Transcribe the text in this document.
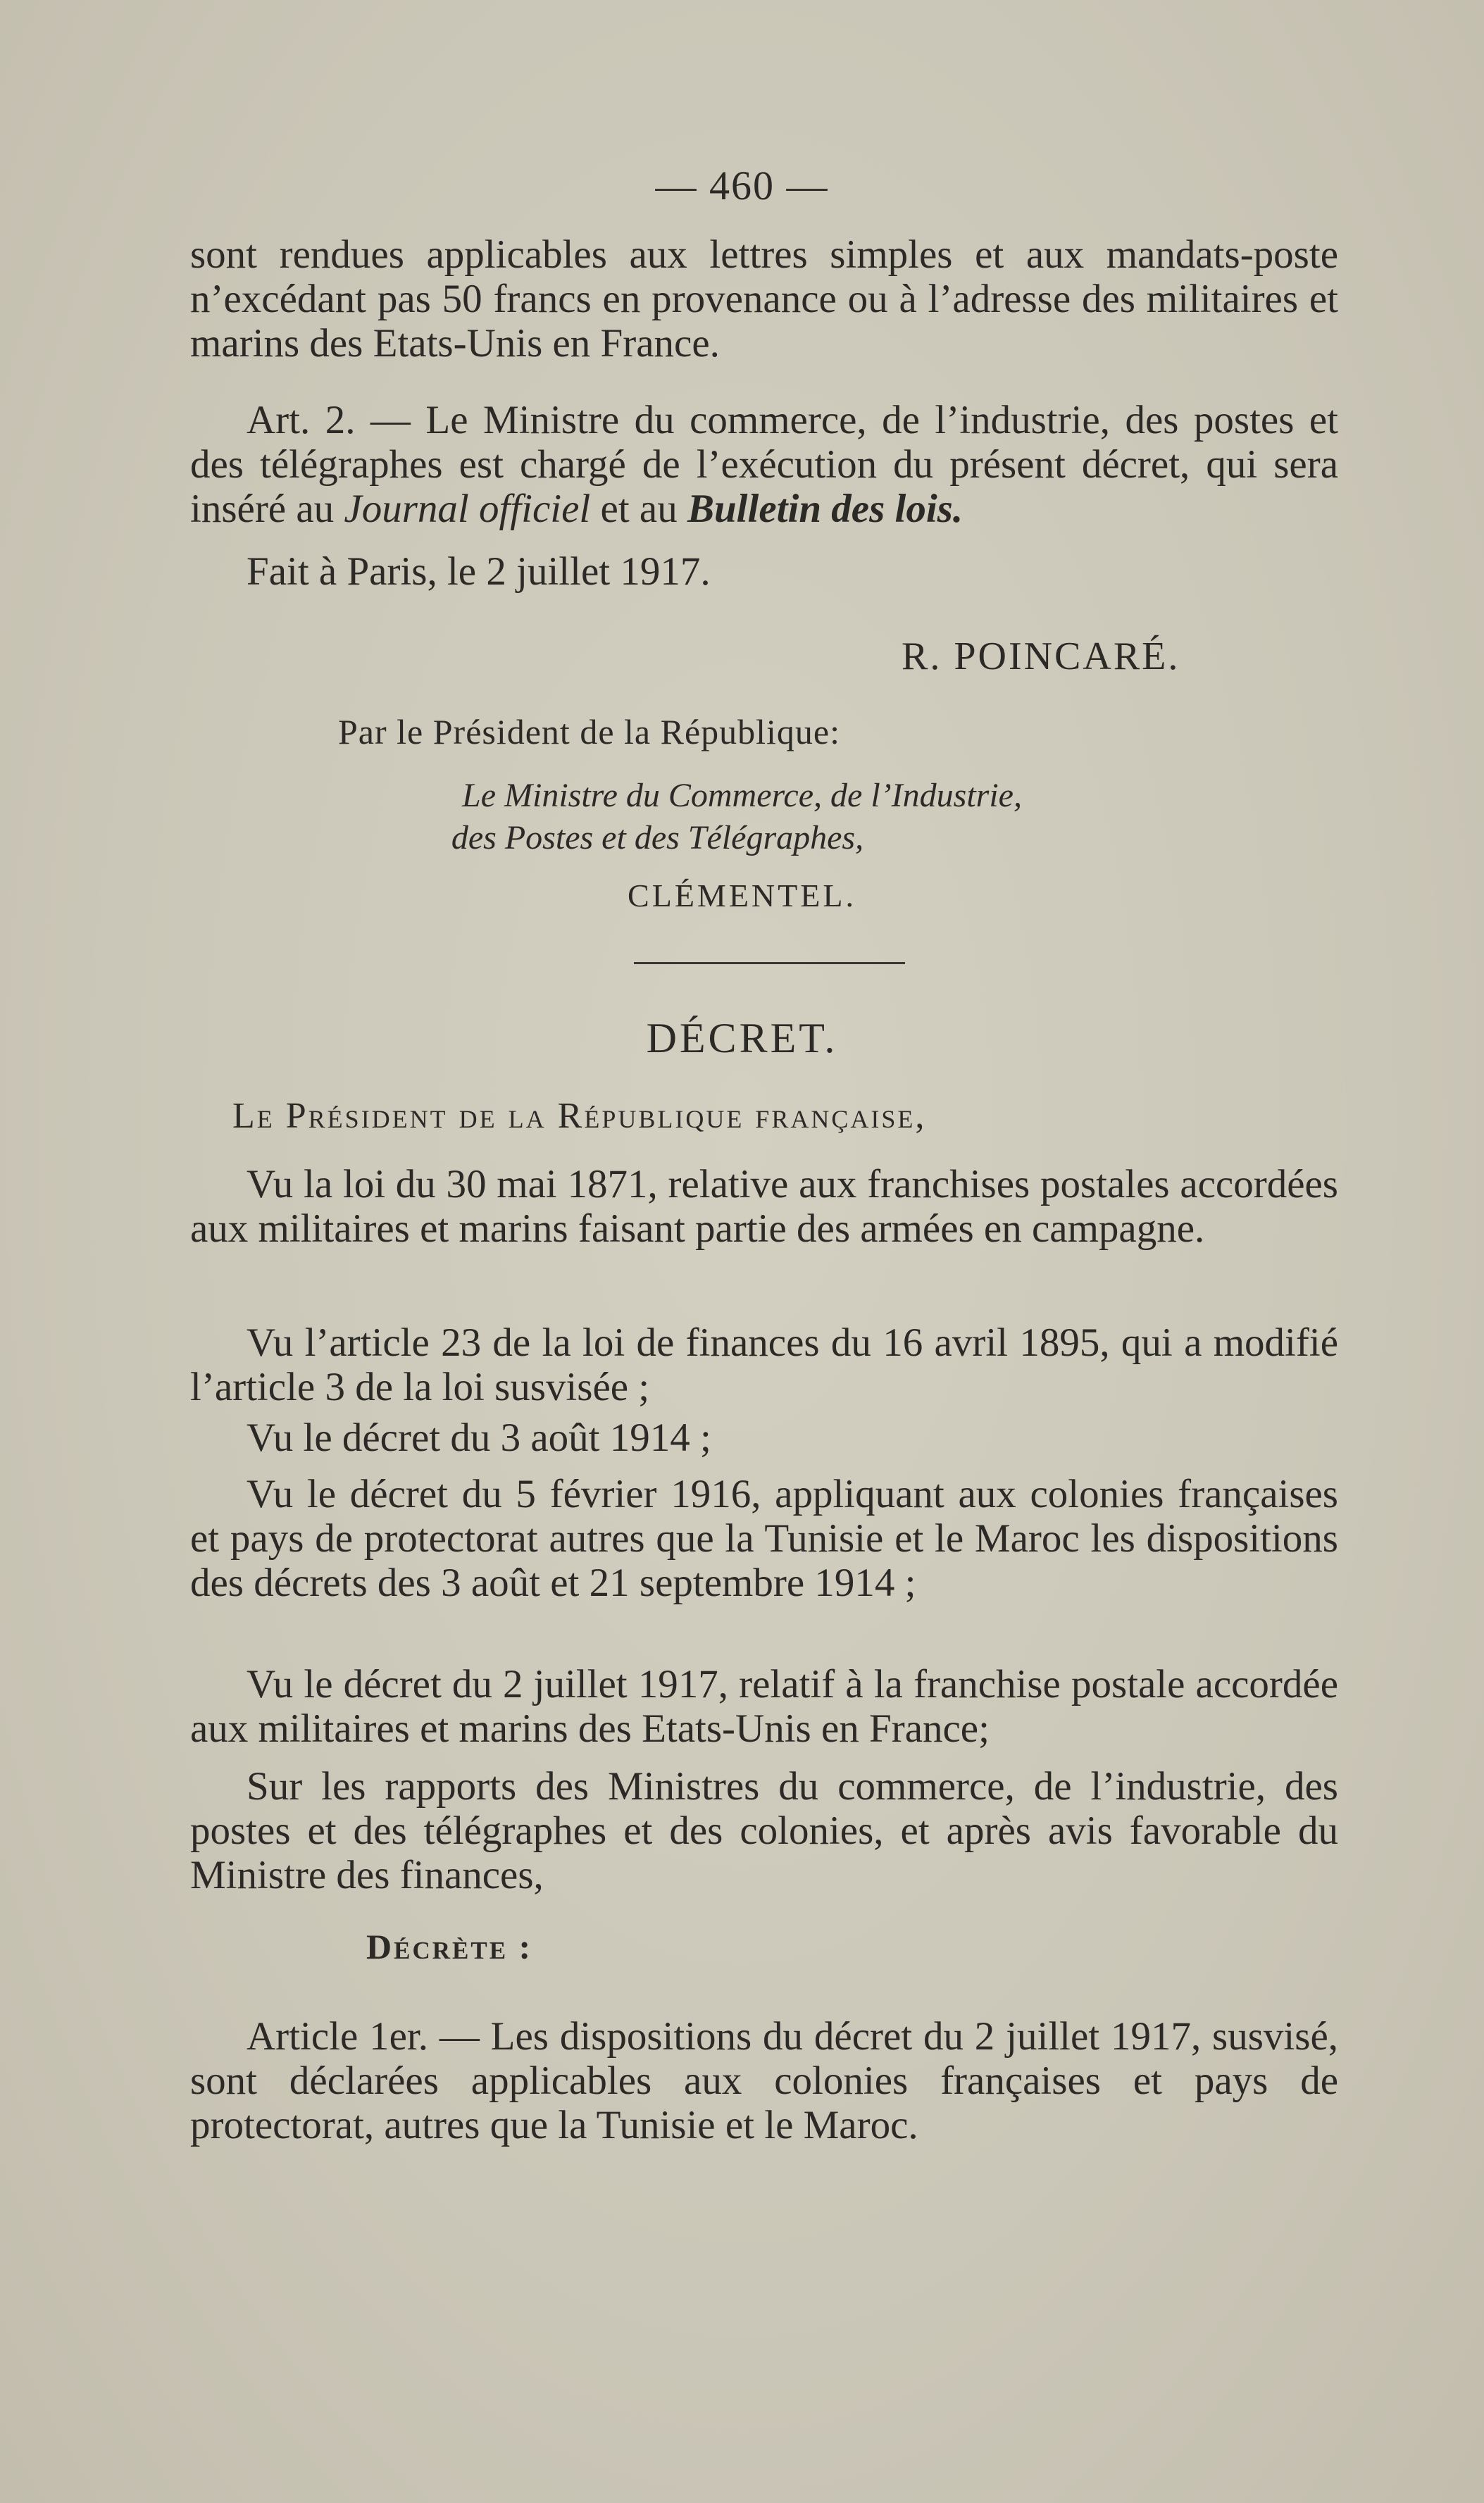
— 460 —

sont rendues applicables aux lettres simples et aux mandats-poste n’excédant pas 50 francs en provenance ou à l’adresse des militaires et marins des Etats-Unis en France.

Art. 2. — Le Ministre du commerce, de l’industrie, des postes et des télégraphes est chargé de l’exécution du présent décret, qui sera inséré au Journal officiel et au Bulletin des lois.

Fait à Paris, le 2 juillet 1917.

R. POINCARÉ.
Par le Président de la République:
Le Ministre du Commerce, de l’Industrie,
des Postes et des Télégraphes,
CLÉMENTEL.
DÉCRET.
Le Président de la République française,

Vu la loi du 30 mai 1871, relative aux franchises postales accordées aux militaires et marins faisant partie des armées en campagne.

Vu l’article 23 de la loi de finances du 16 avril 1895, qui a modifié l’article 3 de la loi susvisée ;

Vu le décret du 3 août 1914 ;

Vu le décret du 5 février 1916, appliquant aux colonies françaises et pays de protectorat autres que la Tunisie et le Maroc les dispositions des décrets des 3 août et 21 septembre 1914 ;

Vu le décret du 2 juillet 1917, relatif à la franchise postale accordée aux militaires et marins des Etats-Unis en France;

Sur les rapports des Ministres du commerce, de l’industrie, des postes et des télégraphes et des colonies, et après avis favorable du Ministre des finances,

Décrète :

Article 1er. — Les dispositions du décret du 2 juillet 1917, susvisé, sont déclarées applicables aux colonies françaises et pays de protectorat, autres que la Tunisie et le Maroc.
